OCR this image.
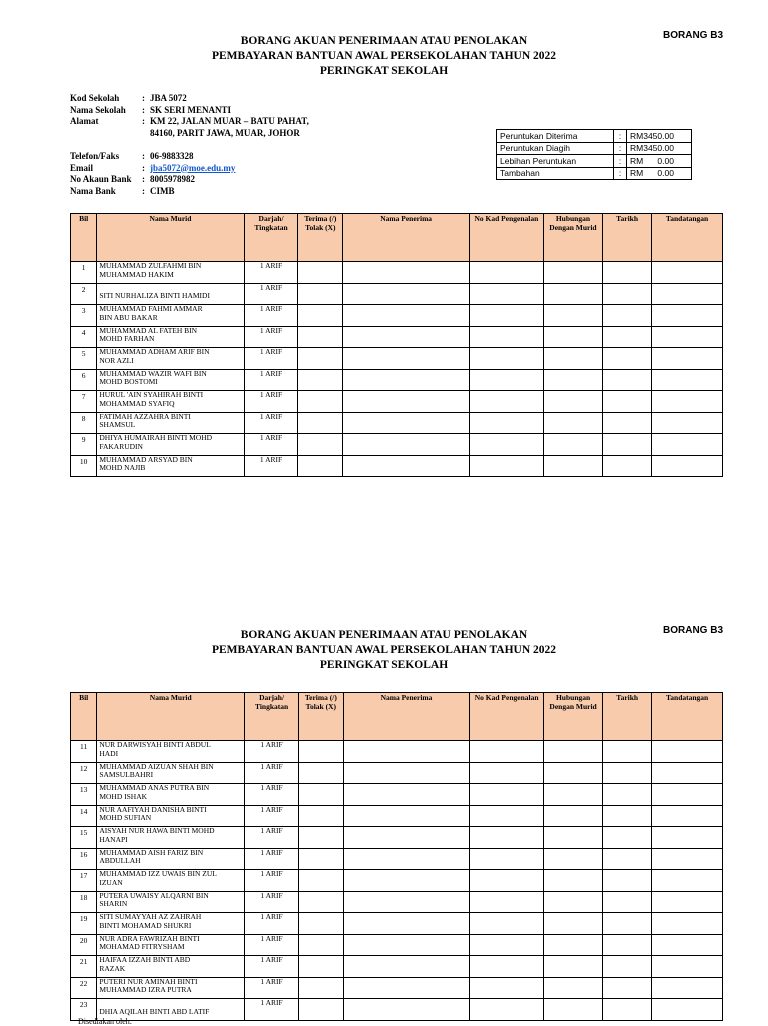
BORANG B3
BORANG AKUAN PENERIMAAN ATAU PENOLAKAN
PEMBAYARAN BANTUAN AWAL PERSEKOLAHAN TAHUN 2022
PERINGKAT SEKOLAH
Kod Sekolah	: JBA 5072
Nama Sekolah	: SK SERI MENANTI
Alamat	: KM 22, JALAN MUAR – BATU PAHAT,
84160, PARIT JAWA, MUAR, JOHOR
Telefon/Faks	: 06-9883328
Email	: jba5072@moe.edu.my
No Akaun Bank	: 8005978982
Nama Bank	: CIMB
Peruntukan Diterima	:	RM3450.00
Peruntukan Diagih	:	RM3450.00
Lebihan Peruntukan	:	RM      0.00
Tambahan	:	RM      0.00
Bil	Nama Murid	Darjah/ Tingkatan	Terima (/) Tolak (X)	Nama Penerima	No Kad Pengenalan	Hubungan Dengan Murid	Tarikh	Tandatangan
1	MUHAMMAD ZULFAHMI BIN
MUHAMMAD HAKIM	1 ARIF						
2	SITI NURHALIZA BINTI HAMIDI	1 ARIF						
3	MUHAMMAD FAHMI AMMAR
BIN ABU BAKAR	1 ARIF						
4	MUHAMMAD AL FATEH BIN
MOHD FARHAN	1 ARIF						
5	MUHAMMAD ADHAM ARIF BIN
NOR AZLI	1 ARIF						
6	MUHAMMAD WAZIR WAFI BIN
MOHD BOSTOMI	1 ARIF						
7	HURUL 'AIN SYAHIRAH BINTI
MOHAMMAD SYAFIQ	1 ARIF						
8	FATIMAH AZZAHRA BINTI
SHAMSUL	1 ARIF						
9	DHIYA HUMAIRAH BINTI MOHD
FAKARUDIN	1 ARIF						
10	MUHAMMAD ARSYAD BIN
MOHD NAJIB	1 ARIF						
BORANG B3
BORANG AKUAN PENERIMAAN ATAU PENOLAKAN
PEMBAYARAN BANTUAN AWAL PERSEKOLAHAN TAHUN 2022
PERINGKAT SEKOLAH
Bil	Nama Murid	Darjah/ Tingkatan	Terima (/) Tolak (X)	Nama Penerima	No Kad Pengenalan	Hubungan Dengan Murid	Tarikh	Tandatangan
11	NUR DARWISYAH BINTI ABDUL
HADI	1 ARIF						
12	MUHAMMAD AIZUAN SHAH BIN
SAMSULBAHRI	1 ARIF						
13	MUHAMMAD ANAS PUTRA BIN
MOHD ISHAK	1 ARIF						
14	NUR AAFIYAH DANISHA BINTI
MOHD SUFIAN	1 ARIF						
15	AISYAH NUR HAWA BINTI MOHD
HANAPI	1 ARIF						
16	MUHAMMAD AISH FARIZ BIN
ABDULLAH	1 ARIF						
17	MUHAMMAD IZZ UWAIS BIN ZUL
IZUAN	1 ARIF						
18	PUTERA UWAISY ALQARNI BIN
SHARIN	1 ARIF						
19	SITI SUMAYYAH AZ ZAHRAH
BINTI MOHAMAD SHUKRI	1 ARIF						
20	NUR ADRA FAWRIZAH BINTI
MOHAMAD FITRYSHAM	1 ARIF						
21	HAIFAA IZZAH BINTI ABD
RAZAK	1 ARIF						
22	PUTERI NUR AMINAH BINTI
MUHAMMAD IZRA PUTRA	1 ARIF						
23	DHIA AQILAH BINTI ABD LATIF	1 ARIF						
Disediakan oleh:
